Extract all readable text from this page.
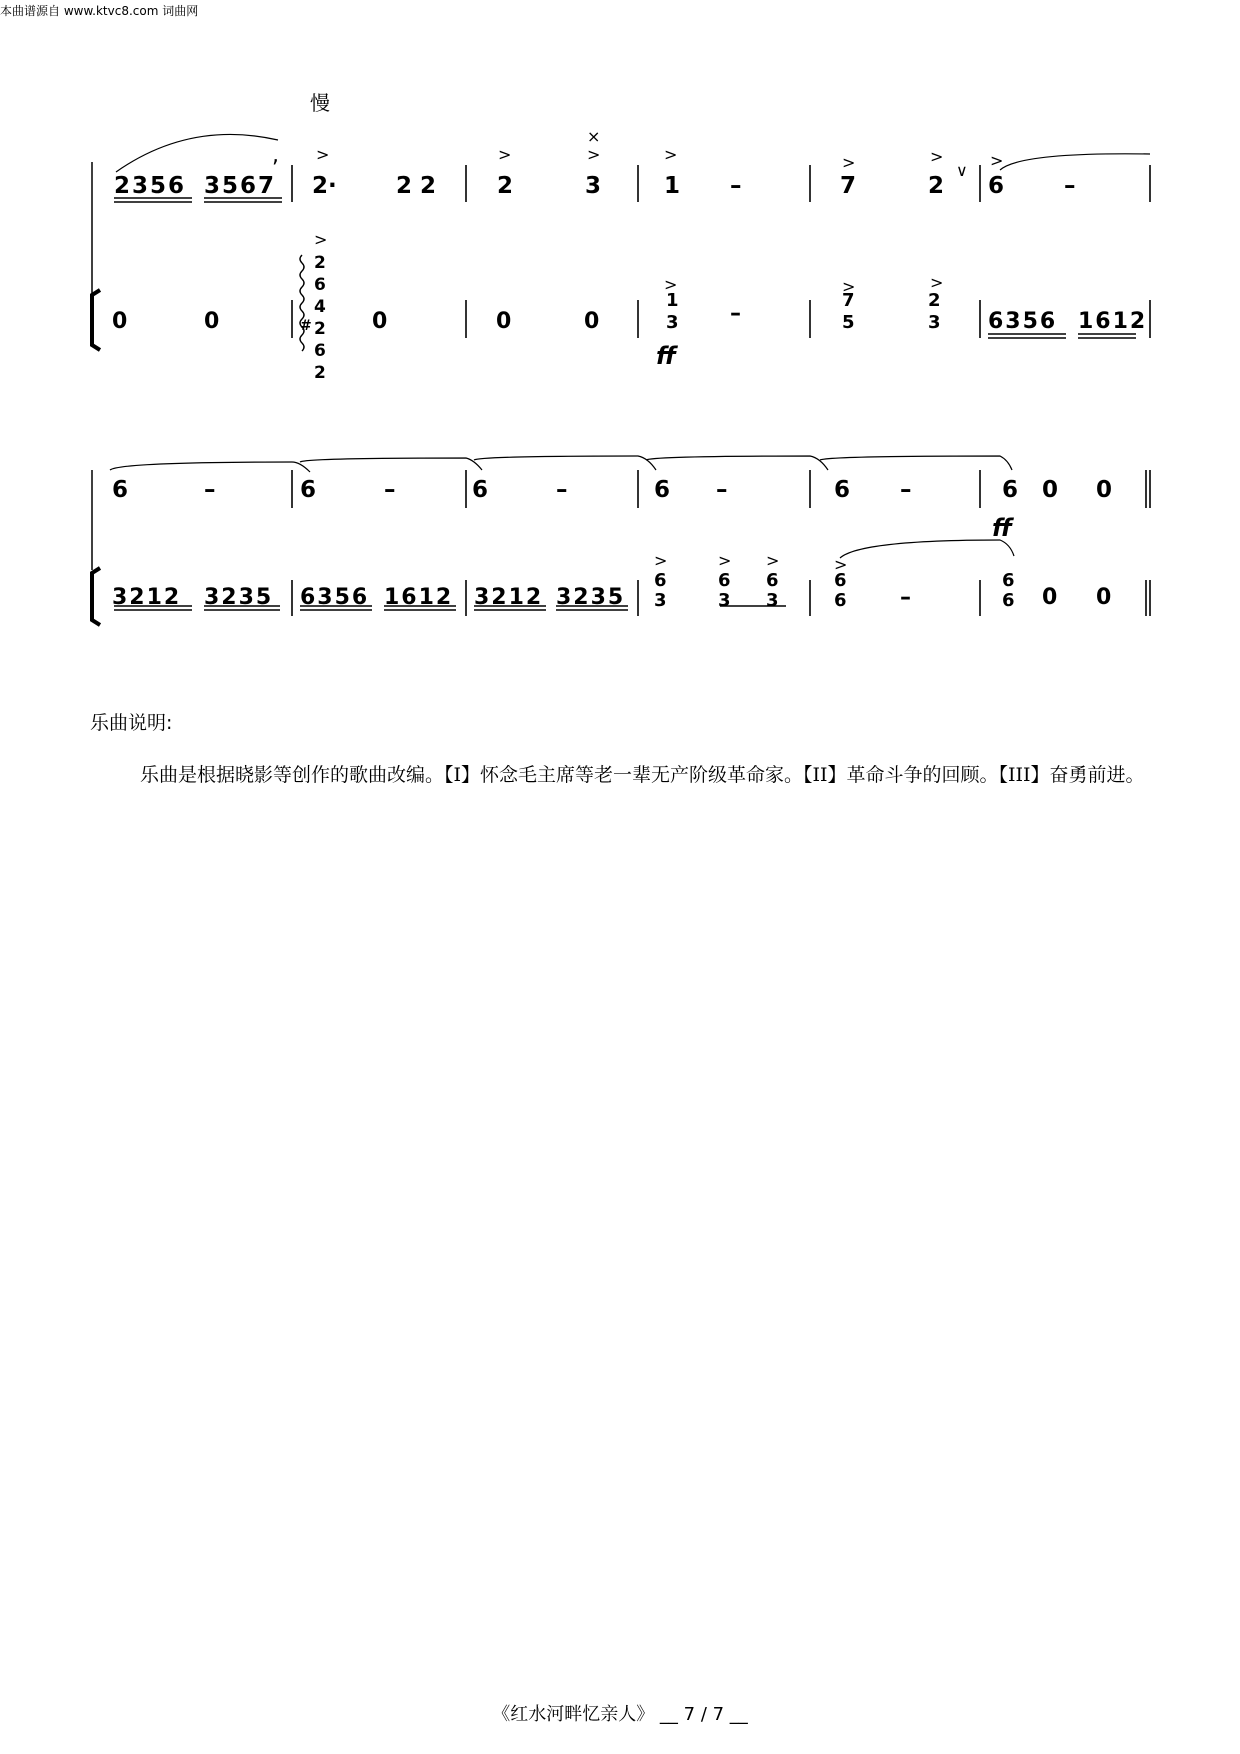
本曲谱源自 www.ktvc8.com 词曲网
慢
, >	>	>	>	>	>	>
∨
×
>	>	>
>
2356 3567 2·	2 2	2	3	1 –	7	2 6	–
0	0	0	0	0	–	6356 1612
2
6
4
2
6
2
#
1
3
7
5
2
3
ff
6	–	6	–	6	–	6 –	6 –	6 0 0
ff
3212 3235 6356 1612 3212 3235	–	0 0
6
3
6
3
6
3
6
6
6
6
>	> >	>
乐曲说明:
乐曲是根据晓影等创作的歌曲改编。【I】怀念毛主席等老一辈无产阶级革命家。【II】革命斗争的回顾。【III】奋勇前进。
《红水河畔忆亲人》 __ 7 / 7 __
